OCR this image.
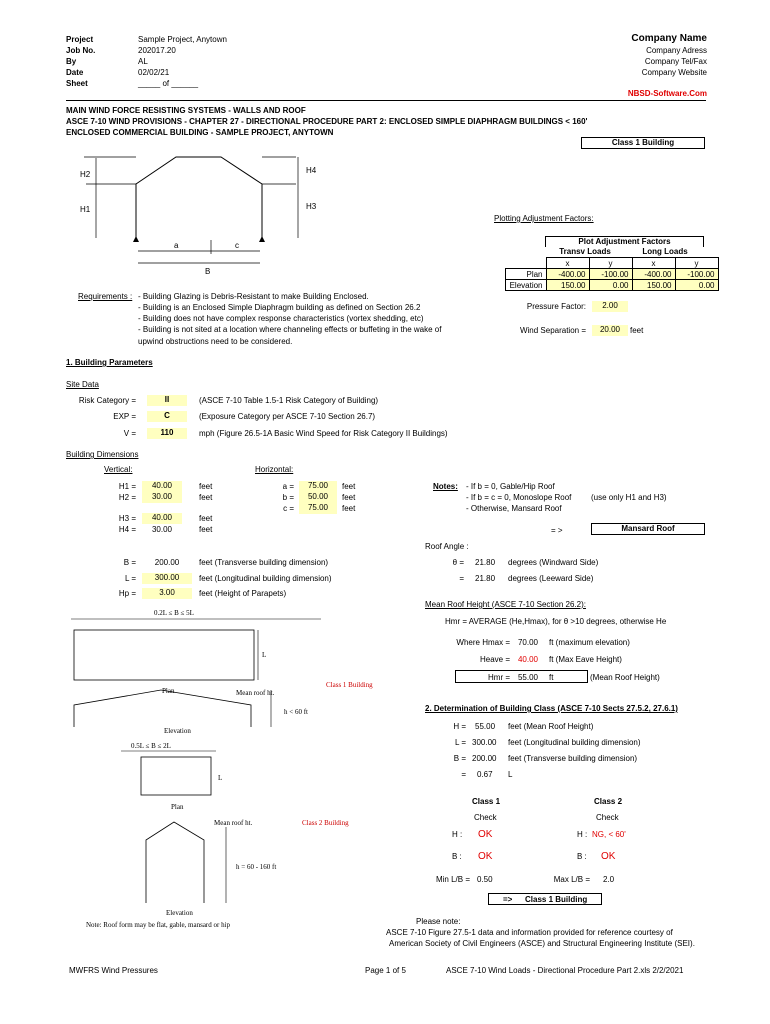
Project	Sample Project, Anytown
Job No.	202017.20
By	AL
Date	02/02/21
Sheet	_____ of ______
Company Name
Company Adress
Company Tel/Fax
Company Website
NBSD-Software.Com
MAIN WIND FORCE RESISTING SYSTEMS - WALLS AND ROOF
ASCE 7-10 WIND PROVISIONS - CHAPTER 27 - DIRECTIONAL PROCEDURE PART 2: ENCLOSED SIMPLE DIAPHRAGM BUILDINGS < 160'
ENCLOSED COMMERCIAL BUILDING - SAMPLE PROJECT, ANYTOWN
Class 1 Building
H2	H4
H1	H3
a	c
B
Plotting Adjustment Factors:
Plot Adjustment Factors
Transv Loads	Long Loads
	x	y	x	y
Plan	-400.00	-100.00	-400.00	-100.00
Elevation	150.00	0.00	150.00	0.00
Pressure Factor:	2.00
Wind Separation =	20.00	feet
Requirements : - Building Glazing is Debris-Resistant to make Building Enclosed.
- Building is an Enclosed Simple Diaphragm building as defined on Section 26.2
- Building does not have complex response characteristics (vortex shedding, etc)
- Building is not sited at a location where channeling effects or buffeting in the wake of
upwind obstructions need to be considered.
1. Building Parameters
Site Data
Risk Category =	II	(ASCE 7-10 Table 1.5-1 Risk Category of Building)
EXP =	C	(Exposure Category per ASCE 7-10 Section 26.7)
V =	110	mph (Figure 26.5-1A Basic Wind Speed for Risk Category II Buildings)
Building Dimensions
Vertical:	Horizontal:
H1 =	40.00	feet
H2 =	30.00	feet
H3 =	40.00	feet
H4 =	30.00	feet
a =	75.00	feet
b =	50.00	feet
c =	75.00	feet
Notes: - If b = 0, Gable/Hip Roof
- If b = c = 0, Monoslope Roof (use only H1 and H3)
- Otherwise, Mansard Roof
= >	Mansard Roof
B =	200.00	feet (Transverse building dimension)
L =	300.00	feet (Longitudinal building dimension)
Hp =	3.00	feet (Height of Parapets)
Roof Angle :
θ = 21.80 degrees (Windward Side)
= 21.80 degrees (Leeward Side)
Mean Roof Height (ASCE 7-10 Section 26.2):
Hmr = AVERAGE (He,Hmax), for θ >10 degrees, otherwise He
Where Hmax = 70.00	ft (maximum elevation)
Heave = 40.00	ft (Max Eave Height)
Hmr = 55.00	ft	(Mean Roof Height)
0.2L ≤ B ≤ 5L
L
Plan	Mean roof ht.
h < 60 ft
Elevation
Class 1 Building
0.5L ≤ B ≤ 2L
L
Plan
Mean roof ht.	Class 2 Building
h = 60 - 160 ft
Elevation
Note: Roof form may be flat, gable, mansard or hip
2. Determination of Building Class (ASCE 7-10 Sects 27.5.2, 27.6.1)
H = 55.00 feet (Mean Roof Height)
L = 300.00 feet (Longitudinal building dimension)
B = 200.00 feet (Transverse building dimension)
= 0.67 L
Class 1	Class 2
Check	Check
H : OK	H : NG, < 60'
B : OK	B : OK
Min L/B = 0.50	Max L/B = 2.0
=> Class 1 Building
Please note:
ASCE 7-10 Figure 27.5-1 data and information provided for reference courtesy of
American Society of Civil Engineers (ASCE) and Structural Engineering Institute (SEI).
MWFRS Wind Pressures	Page 1 of 5	ASCE 7-10 Wind Loads - Directional Procedure Part 2.xls 2/2/2021
